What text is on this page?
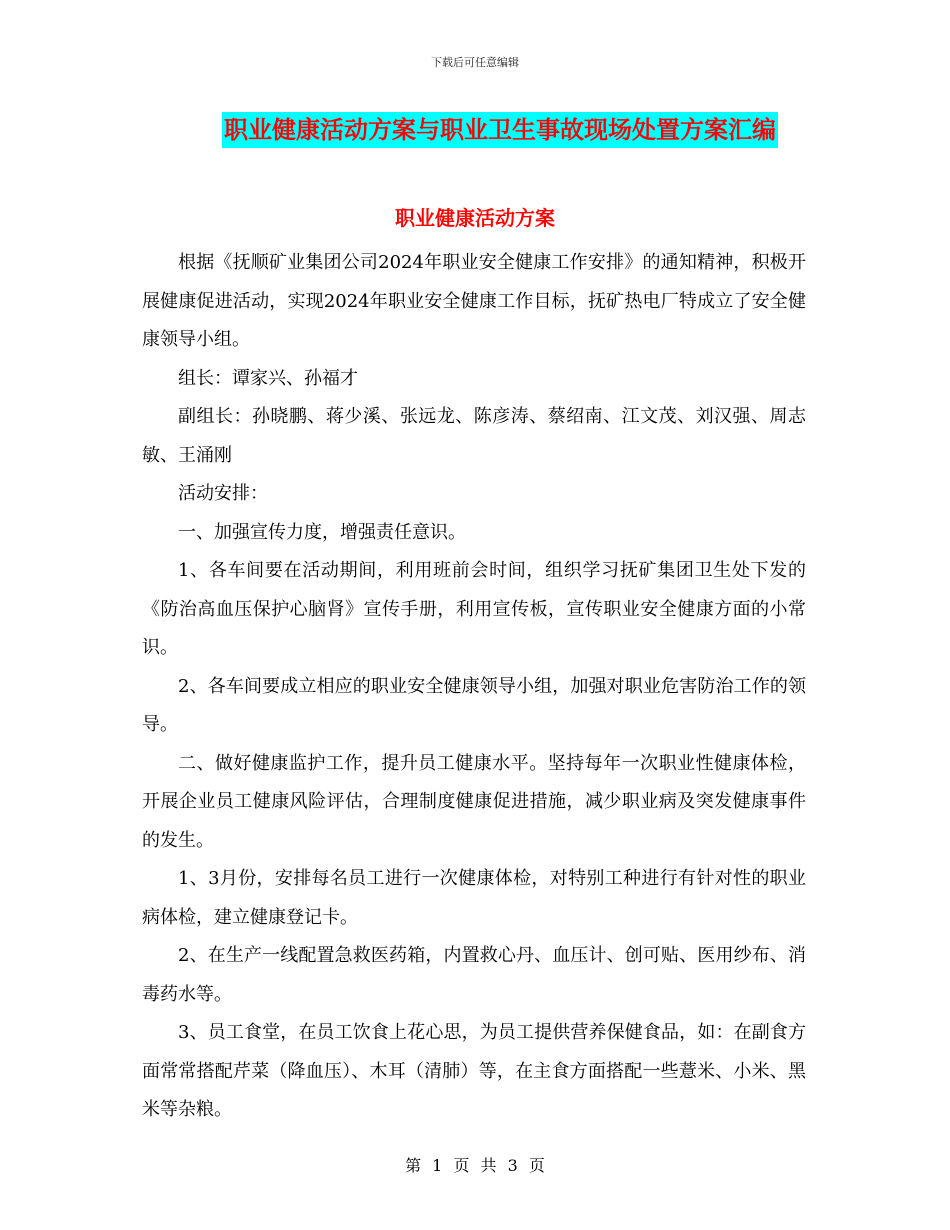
下载后可任意编辑
职业健康活动方案与职业卫生事故现场处置方案汇编
职业健康活动方案

根据《抚顺矿业集团公司2024年职业安全健康工作安排》的通知精神，积极开展健康促进活动，实现2024年职业安全健康工作目标，抚矿热电厂特成立了安全健康领导小组。

组长：谭家兴、孙福才

副组长：孙晓鹏、蒋少溪、张远龙、陈彦涛、蔡绍南、江文茂、刘汉强、周志敏、王涌刚

活动安排：

一、加强宣传力度，增强责任意识。

1、各车间要在活动期间，利用班前会时间，组织学习抚矿集团卫生处下发的《防治高血压保护心脑肾》宣传手册，利用宣传板，宣传职业安全健康方面的小常识。

2、各车间要成立相应的职业安全健康领导小组，加强对职业危害防治工作的领导。

二、做好健康监护工作，提升员工健康水平。坚持每年一次职业性健康体检，开展企业员工健康风险评估，合理制度健康促进措施，减少职业病及突发健康事件的发生。

1、3月份，安排每名员工进行一次健康体检，对特别工种进行有针对性的职业病体检，建立健康登记卡。

2、在生产一线配置急救医药箱，内置救心丹、血压计、创可贴、医用纱布、消毒药水等。

3、员工食堂，在员工饮食上花心思，为员工提供营养保健食品，如：在副食方面常常搭配芹菜（降血压）、木耳（清肺）等，在主食方面搭配一些薏米、小米、黑米等杂粮。

第 1 页 共 3 页
